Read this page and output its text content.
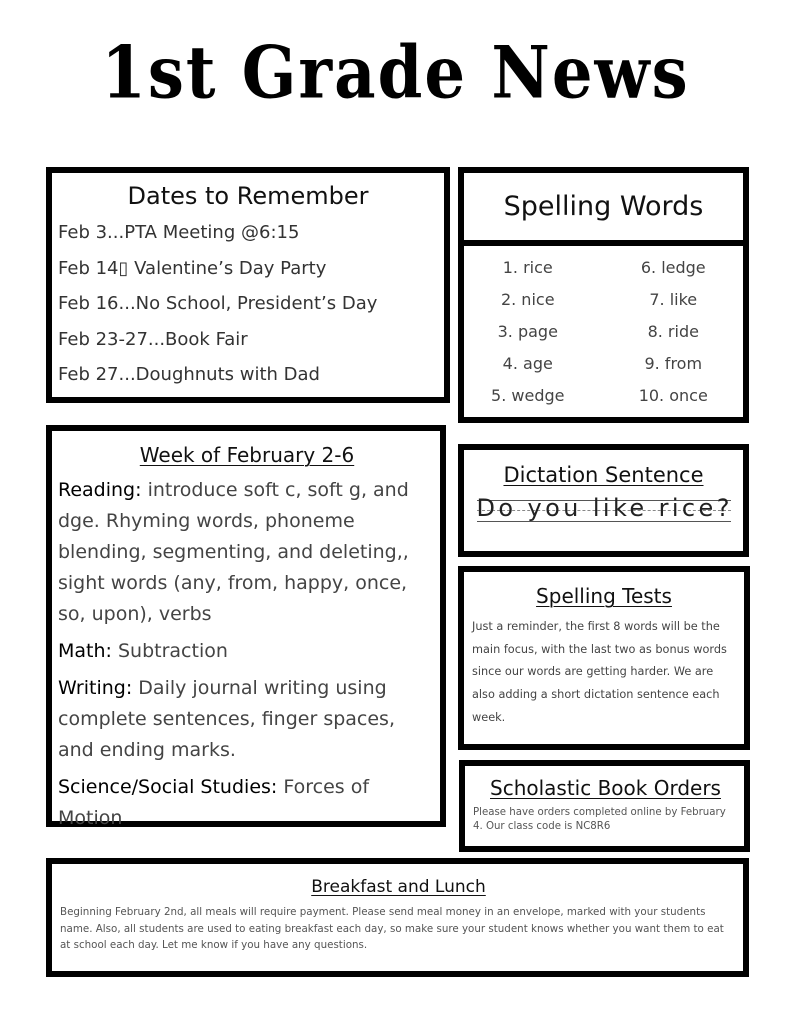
1st Grade News
Dates to Remember
Feb 3...PTA Meeting @6:15
Feb 14▯ Valentine’s Day Party
Feb 16...No School, President’s Day
Feb 23-27...Book Fair
Feb 27...Doughnuts with Dad
Spelling Words
1. rice
2. nice
3. page
4. age
5. wedge
6. ledge
7. like
8. ride
9. from
10. once
Week of February 2-6

Reading: introduce soft c, soft g, and dge. Rhyming words, phoneme blending, segmenting, and deleting,, sight words (any, from, happy, once, so, upon), verbs

Math: Subtraction

Writing: Daily journal writing using complete sentences, finger spaces, and ending marks.

Science/Social Studies: Forces of Motion

Dictation Sentence
Do you like rice?
Spelling Tests
Just a reminder, the first 8 words will be the main focus, with the last two as bonus words since our words are getting harder. We are also adding a short dictation sentence each week.
Scholastic Book Orders
Please have orders completed online by February 4. Our class code is NC8R6
Breakfast and Lunch
Beginning February 2nd, all meals will require payment. Please send meal money in an envelope, marked with your students name. Also, all students are used to eating breakfast each day, so make sure your student knows whether you want them to eat at school each day. Let me know if you have any questions.
